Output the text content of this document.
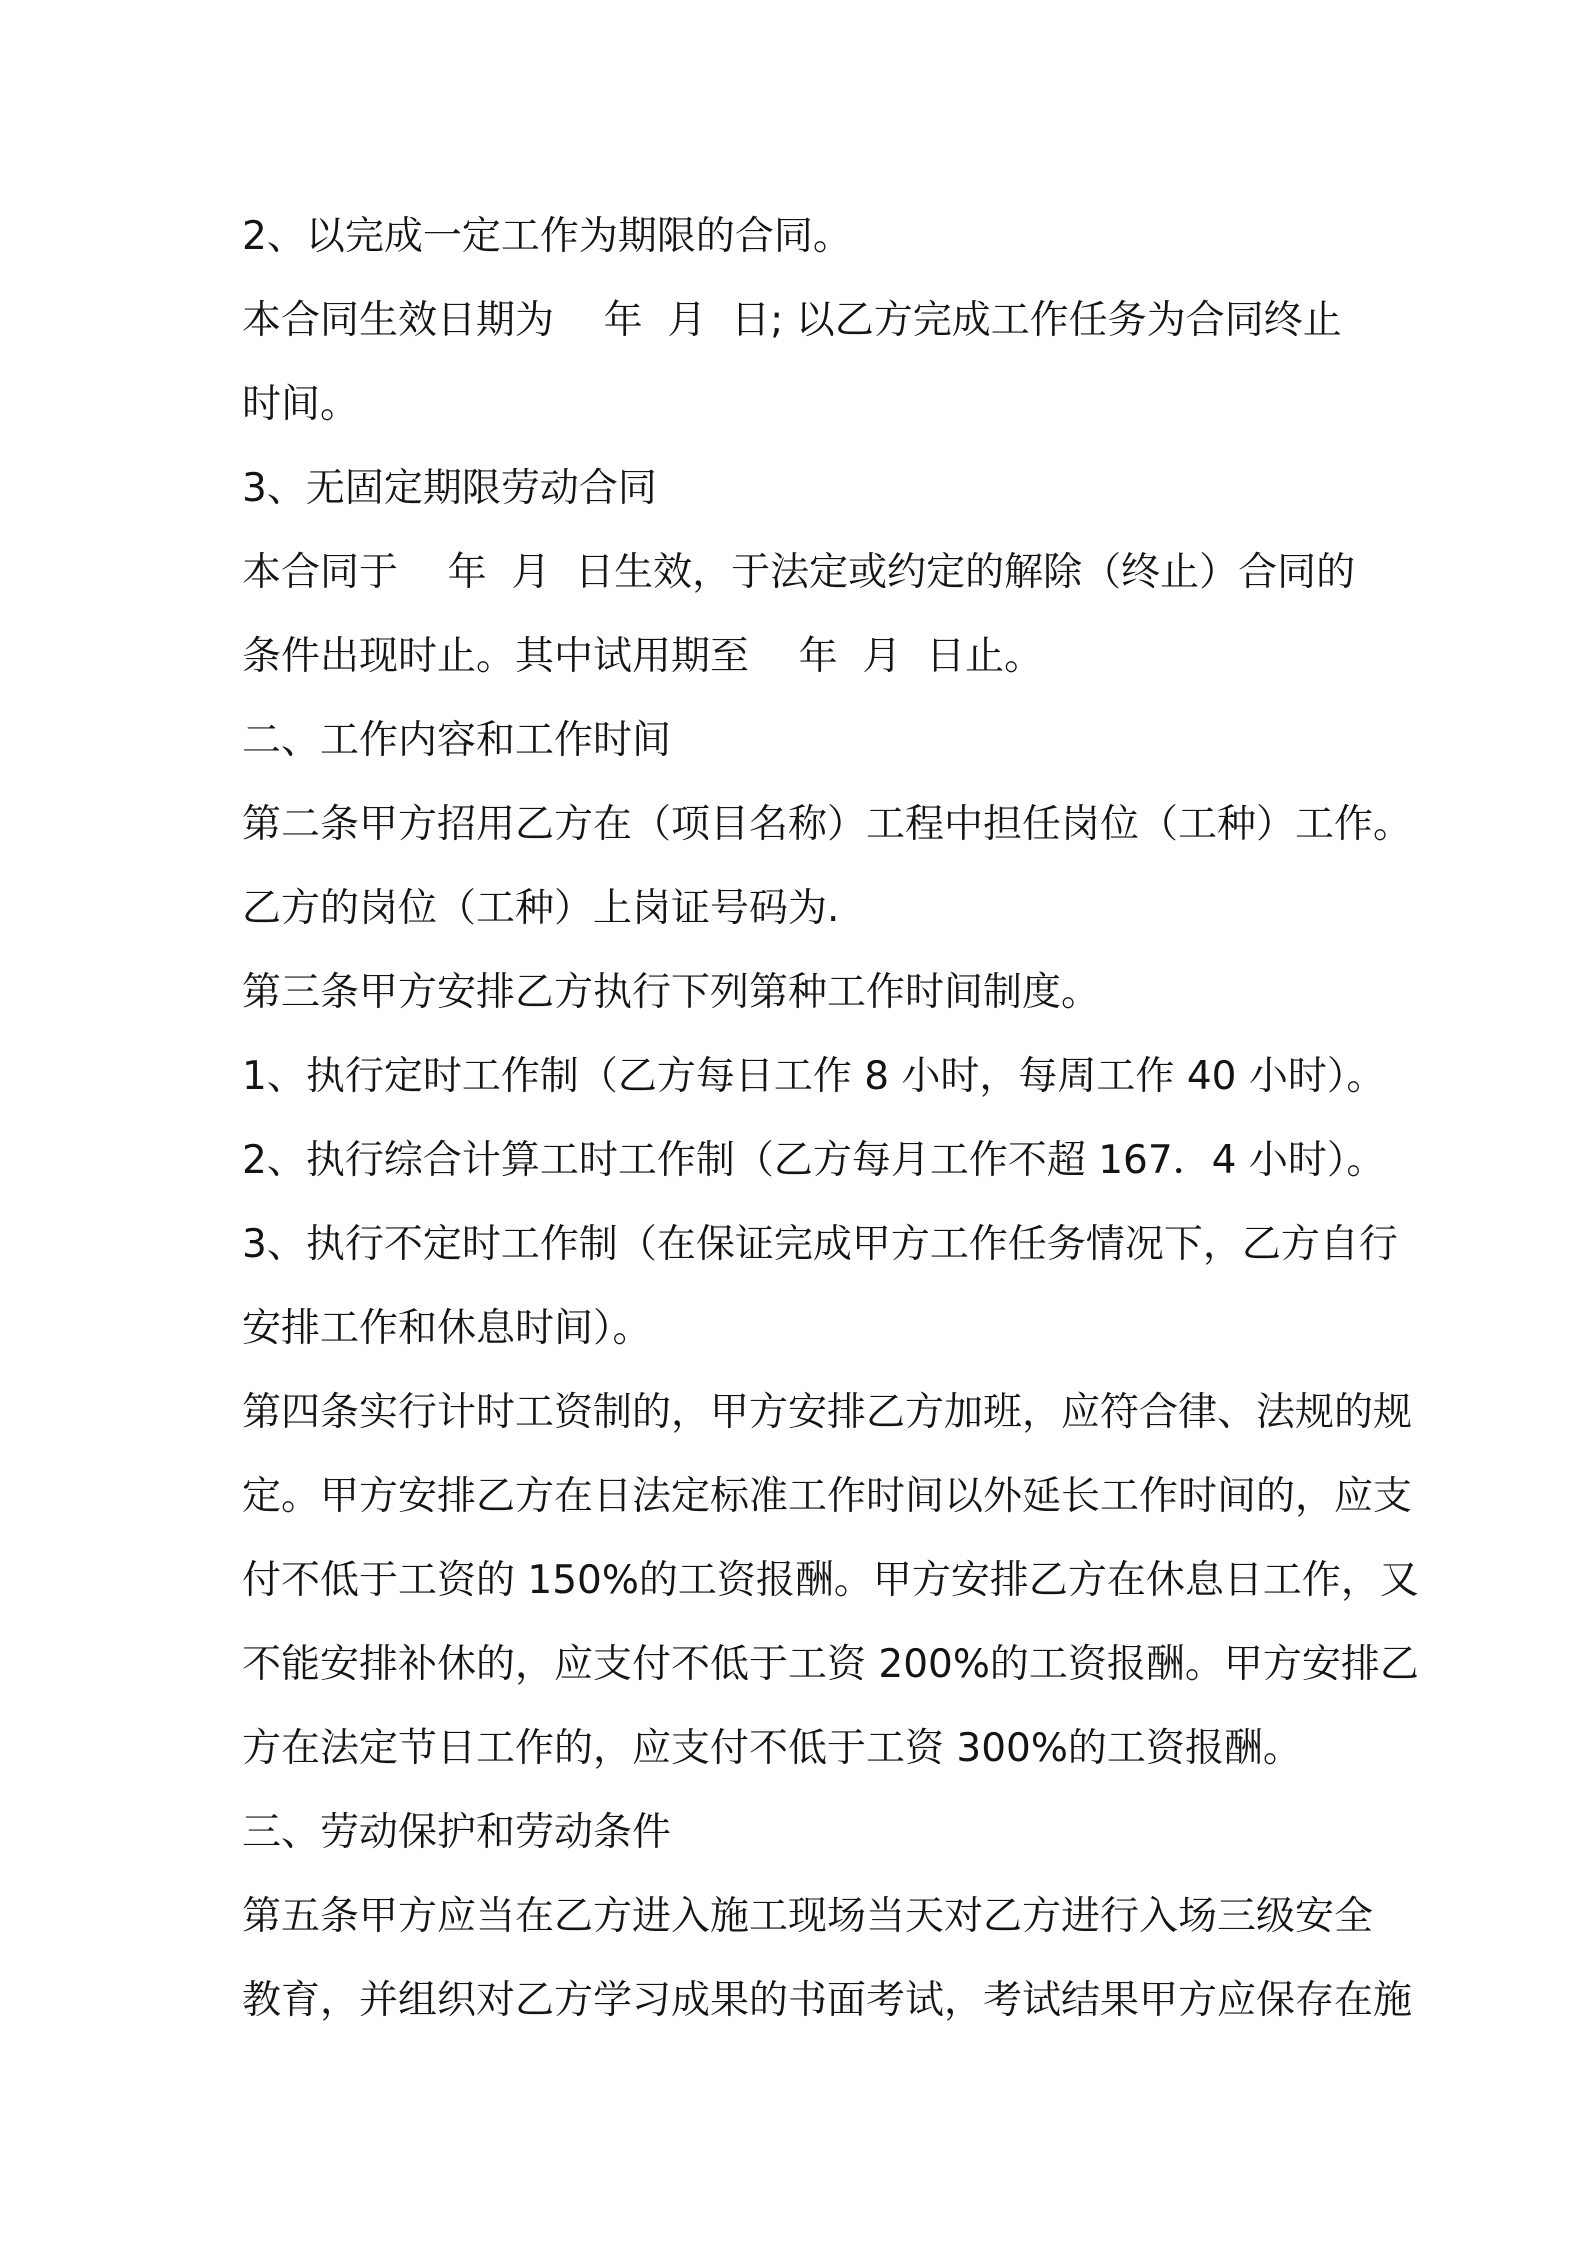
2、以完成一定工作为期限的合同。
本合同生效日期为    年  月  日; 以乙方完成工作任务为合同终止
时间。
3、无固定期限劳动合同
本合同于    年  月  日生效，于法定或约定的解除（终止）合同的
条件出现时止。其中试用期至    年  月  日止。
二、工作内容和工作时间
第二条甲方招用乙方在（项目名称）工程中担任岗位（工种）工作。
乙方的岗位（工种）上岗证号码为.
第三条甲方安排乙方执行下列第种工作时间制度。
1、执行定时工作制（乙方每日工作 8 小时，每周工作 40 小时）。
2、执行综合计算工时工作制（乙方每月工作不超 167．4 小时）。
3、执行不定时工作制（在保证完成甲方工作任务情况下，乙方自行
安排工作和休息时间）。
第四条实行计时工资制的，甲方安排乙方加班，应符合律、法规的规
定。甲方安排乙方在日法定标准工作时间以外延长工作时间的，应支
付不低于工资的 150%的工资报酬。甲方安排乙方在休息日工作，又
不能安排补休的，应支付不低于工资 200%的工资报酬。甲方安排乙
方在法定节日工作的，应支付不低于工资 300%的工资报酬。
三、劳动保护和劳动条件
第五条甲方应当在乙方进入施工现场当天对乙方进行入场三级安全
教育，并组织对乙方学习成果的书面考试，考试结果甲方应保存在施
